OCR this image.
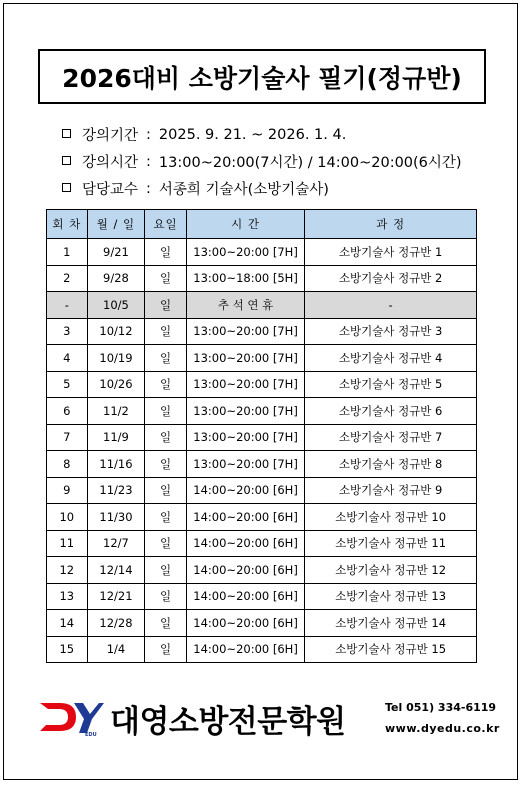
2026대비 소방기술사 필기(정규반)
강의기간 : 2025. 9. 21. ~ 2026. 1. 4.
강의시간 : 13:00~20:00(7시간) / 14:00~20:00(6시간)
담당교수 : 서종희 기술사(소방기술사)
회 차	월 / 일	요일	시 간	과 정
1	9/21	일	13:00~20:00 [7H]	소방기술사 정규반 1
2	9/28	일	13:00~18:00 [5H]	소방기술사 정규반 2
-	10/5	일	추 석 연 휴	-
3	10/12	일	13:00~20:00 [7H]	소방기술사 정규반 3
4	10/19	일	13:00~20:00 [7H]	소방기술사 정규반 4
5	10/26	일	13:00~20:00 [7H]	소방기술사 정규반 5
6	11/2	일	13:00~20:00 [7H]	소방기술사 정규반 6
7	11/9	일	13:00~20:00 [7H]	소방기술사 정규반 7
8	11/16	일	13:00~20:00 [7H]	소방기술사 정규반 8
9	11/23	일	14:00~20:00 [6H]	소방기술사 정규반 9
10	11/30	일	14:00~20:00 [6H]	소방기술사 정규반 10
11	12/7	일	14:00~20:00 [6H]	소방기술사 정규반 11
12	12/14	일	14:00~20:00 [6H]	소방기술사 정규반 12
13	12/21	일	14:00~20:00 [6H]	소방기술사 정규반 13
14	12/28	일	14:00~20:00 [6H]	소방기술사 정규반 14
15	1/4	일	14:00~20:00 [6H]	소방기술사 정규반 15
EDU 대영소방전문학원	Tel 051) 334-6119
www.dyedu.co.kr
